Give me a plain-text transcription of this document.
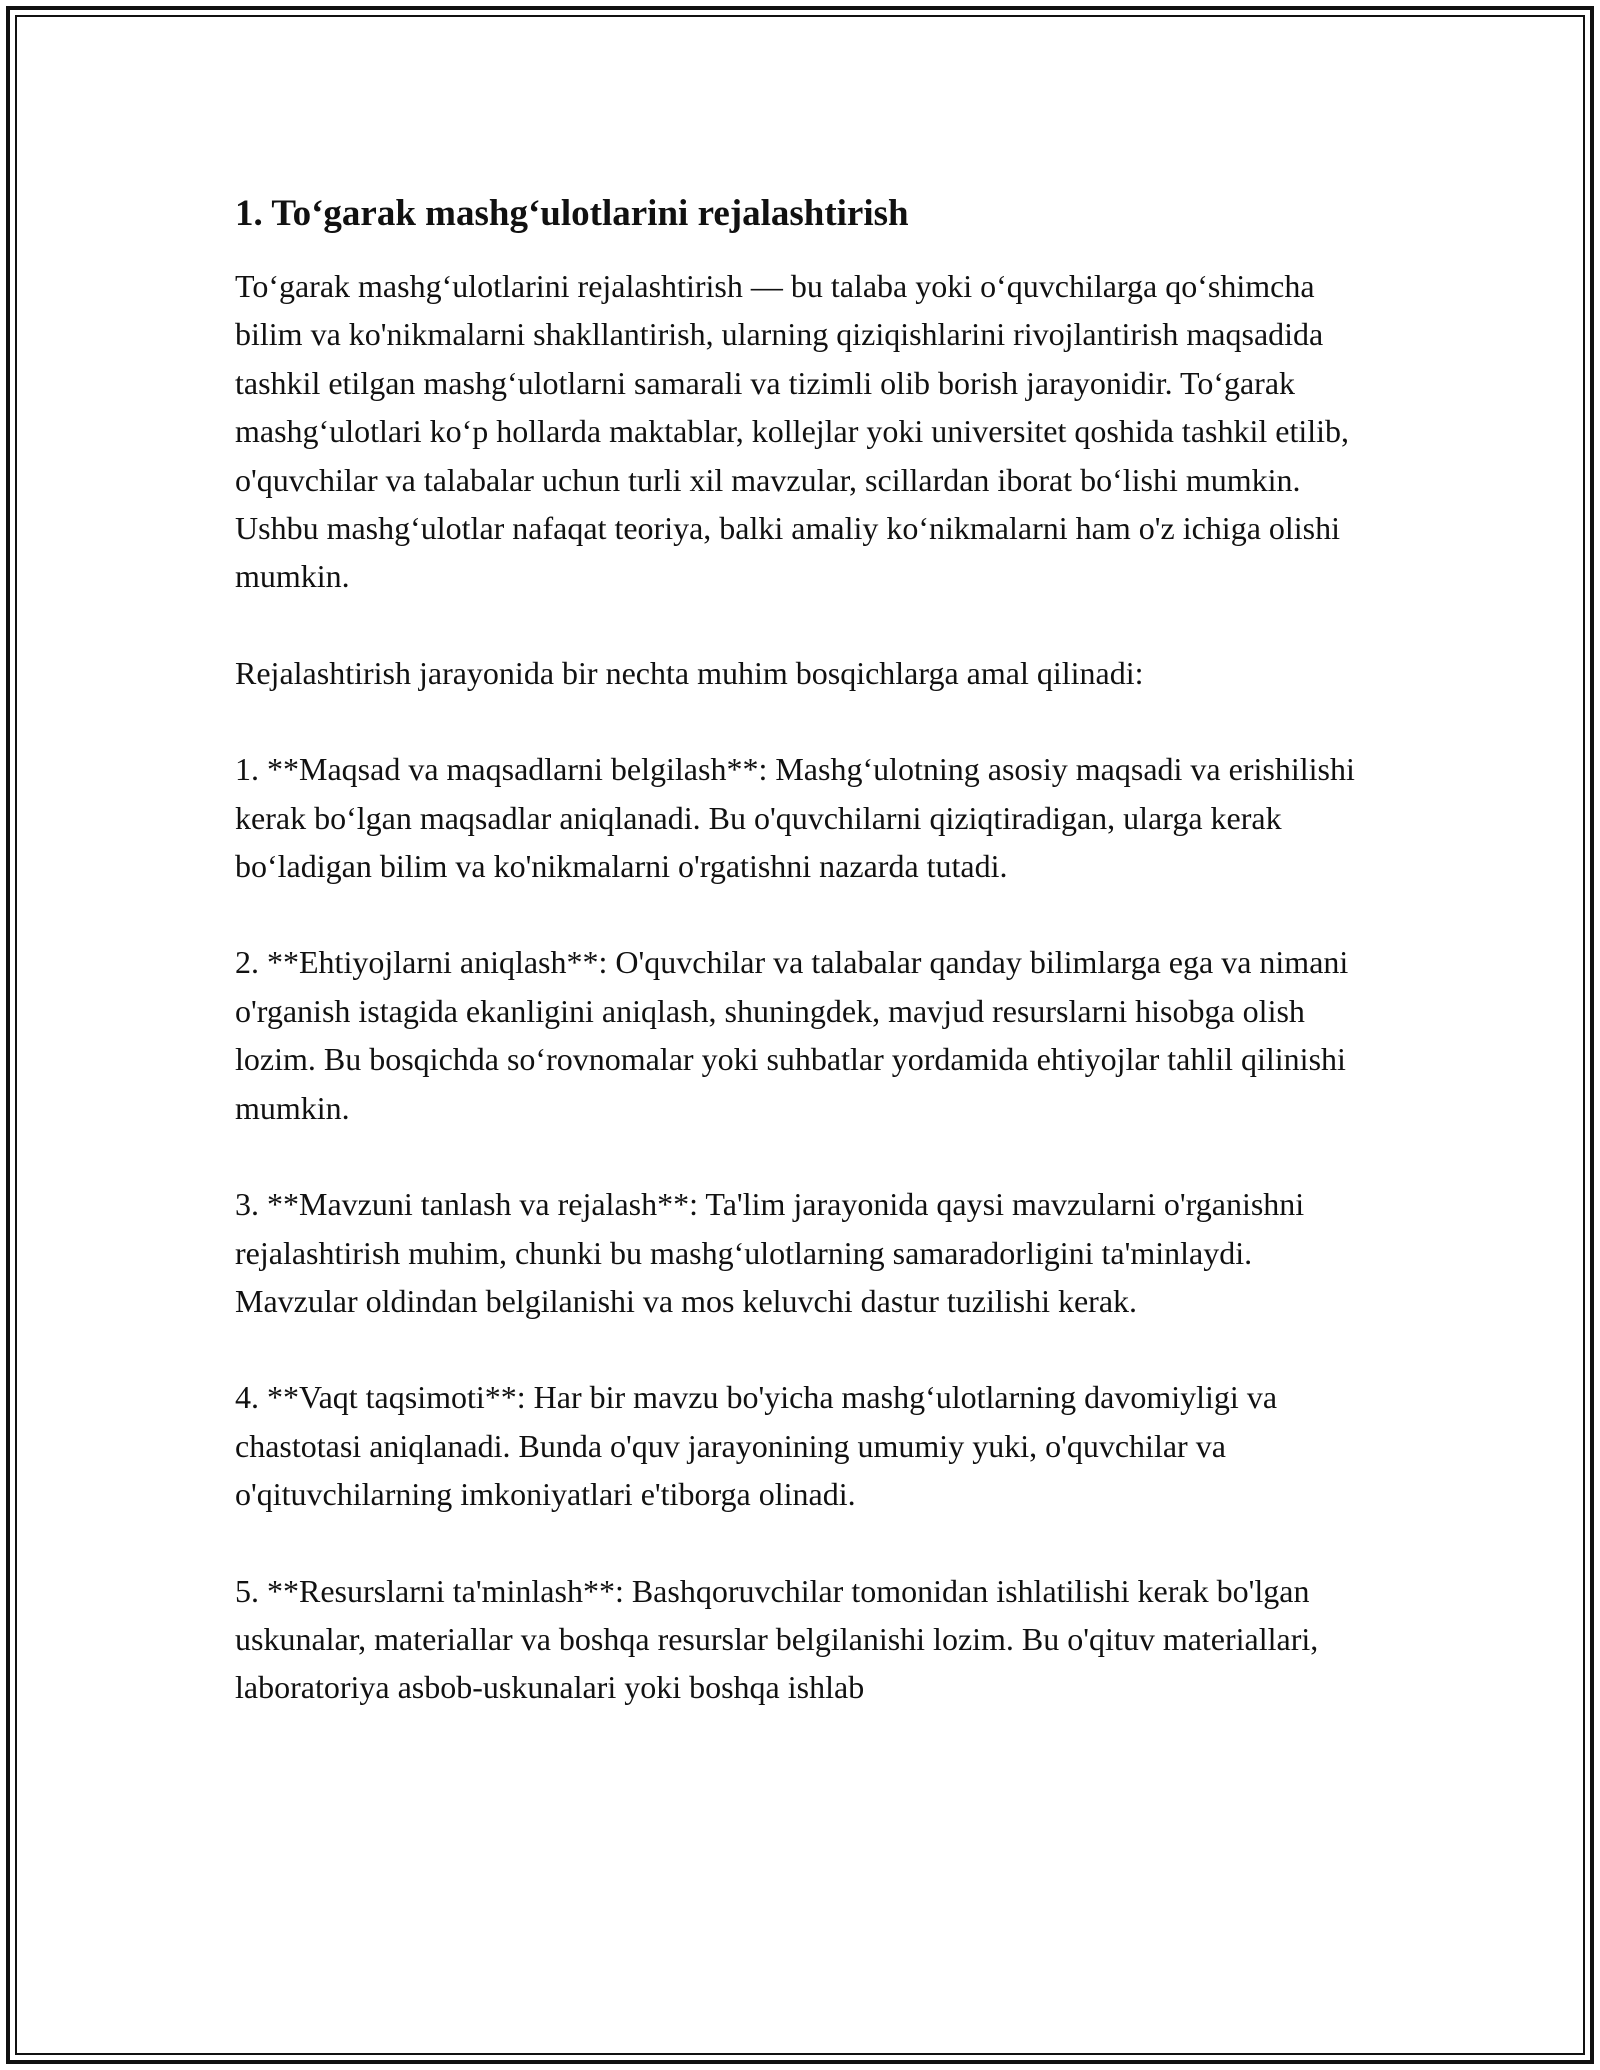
1. To‘garak mashg‘ulotlarini rejalashtirish

To‘garak mashg‘ulotlarini rejalashtirish — bu talaba yoki o‘quvchilarga qo‘shimcha bilim va ko'nikmalarni shakllantirish, ularning qiziqishlarini rivojlantirish maqsadida tashkil etilgan mashg‘ulotlarni samarali va tizimli olib borish jarayonidir. To‘garak mashg‘ulotlari ko‘p hollarda maktablar, kollejlar yoki universitet qoshida tashkil etilib, o'quvchilar va talabalar uchun turli xil mavzular, scillardan iborat bo‘lishi mumkin. Ushbu mashg‘ulotlar nafaqat teoriya, balki amaliy ko‘nikmalarni ham o'z ichiga olishi mumkin.

Rejalashtirish jarayonida bir nechta muhim bosqichlarga amal qilinadi:

1. **Maqsad va maqsadlarni belgilash**: Mashg‘ulotning asosiy maqsadi va erishilishi kerak bo‘lgan maqsadlar aniqlanadi. Bu o'quvchilarni qiziqtiradigan, ularga kerak bo‘ladigan bilim va ko'nikmalarni o'rgatishni nazarda tutadi.

2. **Ehtiyojlarni aniqlash**: O'quvchilar va talabalar qanday bilimlarga ega va nimani o'rganish istagida ekanligini aniqlash, shuningdek, mavjud resurslarni hisobga olish lozim. Bu bosqichda so‘rovnomalar yoki suhbatlar yordamida ehtiyojlar tahlil qilinishi mumkin.

3. **Mavzuni tanlash va rejalash**: Ta'lim jarayonida qaysi mavzularni o'rganishni rejalashtirish muhim, chunki bu mashg‘ulotlarning samaradorligini ta'minlaydi. Mavzular oldindan belgilanishi va mos keluvchi dastur tuzilishi kerak.

4. **Vaqt taqsimoti**: Har bir mavzu bo'yicha mashg‘ulotlarning davomiyligi va chastotasi aniqlanadi. Bunda o'quv jarayonining umumiy yuki, o'quvchilar va o'qituvchilarning imkoniyatlari e'tiborga olinadi.

5. **Resurslarni ta'minlash**: Bashqoruvchilar tomonidan ishlatilishi kerak bo'lgan uskunalar, materiallar va boshqa resurslar belgilanishi lozim. Bu o'qituv materiallari, laboratoriya asbob-uskunalari yoki boshqa ishlab
